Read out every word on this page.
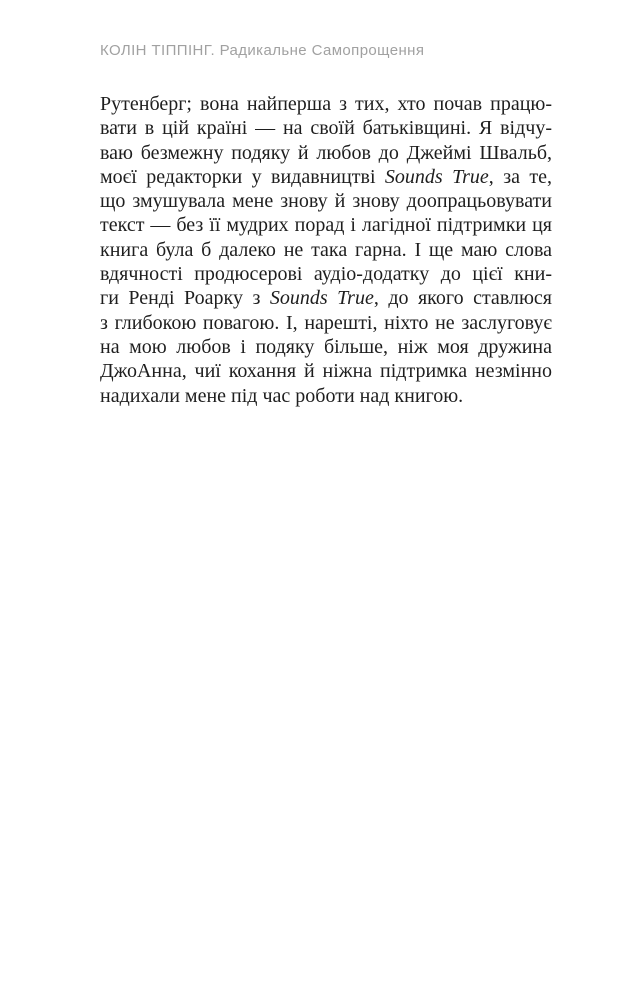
КОЛІН ТІППІНГ. Радикальне Самопрощення
Рутенберг; вона найперша з тих, хто почав працю-
вати в цій країні — на своїй батьківщині. Я відчу-
ваю безмежну подяку й любов до Джеймі Швальб,
моєї редакторки у видавництві Sounds True, за те,
що змушувала мене знову й знову доопрацьовувати
текст — без її мудрих порад і лагідної підтримки ця
книга була б далеко не така гарна. І ще маю слова
вдячності продюсерові аудіо-додатку до цієї кни-
ги Ренді Роарку з Sounds True, до якого ставлюся
з глибокою повагою. І, нарешті, ніхто не заслуговує
на мою любов і подяку більше, ніж моя дружина
ДжоАнна, чиї кохання й ніжна підтримка незмінно
надихали мене під час роботи над книгою.
